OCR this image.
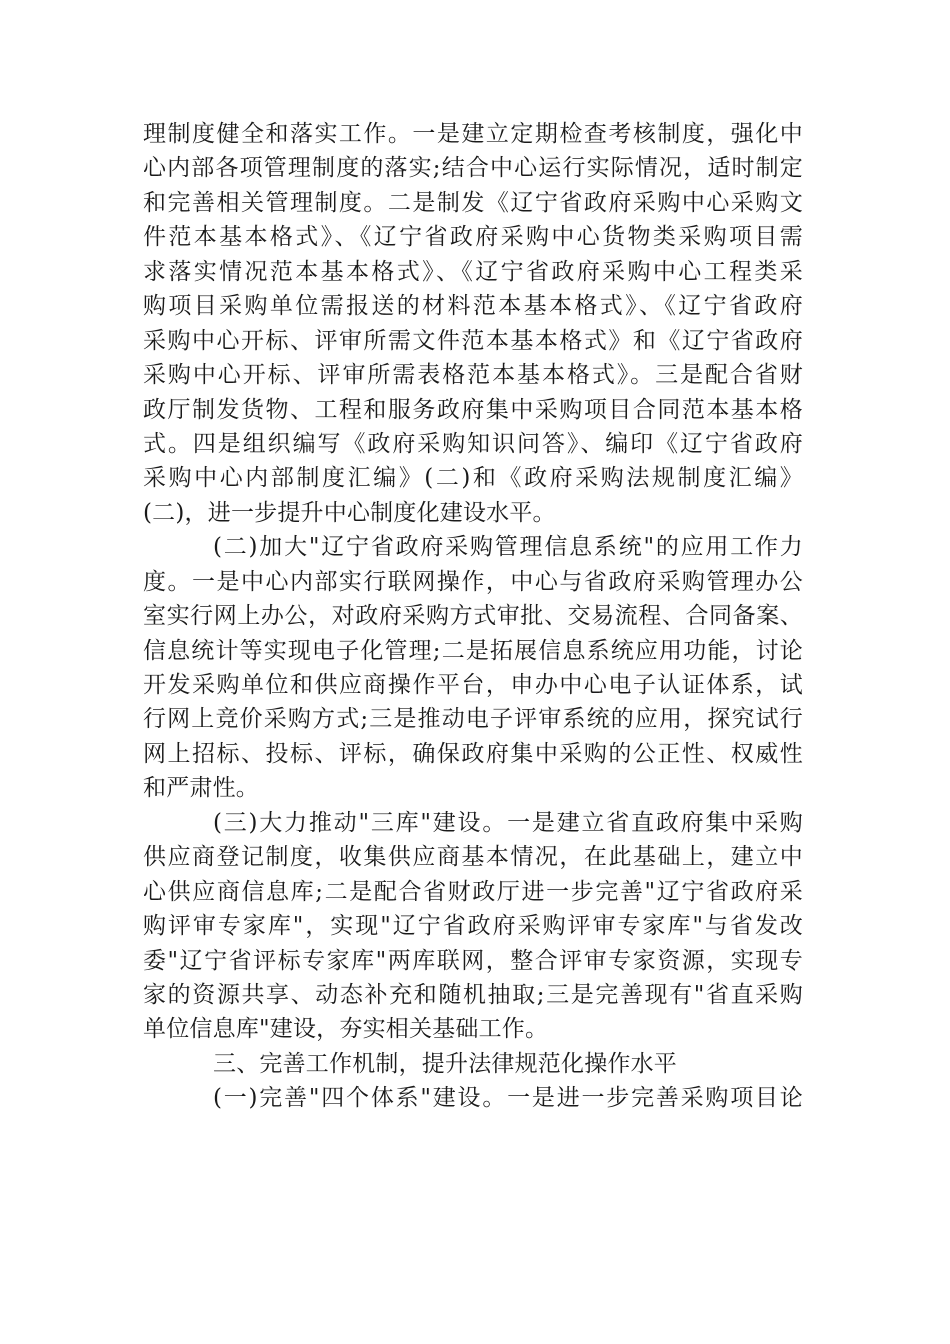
理制度健全和落实工作。一是建立定期检查考核制度，强化中
心内部各项管理制度的落实;结合中心运行实际情况，适时制定
和完善相关管理制度。二是制发《辽宁省政府采购中心采购文
件范本基本格式》、《辽宁省政府采购中心货物类采购项目需
求落实情况范本基本格式》、《辽宁省政府采购中心工程类采
购项目采购单位需报送的材料范本基本格式》、《辽宁省政府
采购中心开标、评审所需文件范本基本格式》和《辽宁省政府
采购中心开标、评审所需表格范本基本格式》。三是配合省财
政厅制发货物、工程和服务政府集中采购项目合同范本基本格
式。四是组织编写《政府采购知识问答》、编印《辽宁省政府
采购中心内部制度汇编》(二)和《政府采购法规制度汇编》
(二)，进一步提升中心制度化建设水平。
(二)加大"辽宁省政府采购管理信息系统"的应用工作力
度。一是中心内部实行联网操作，中心与省政府采购管理办公
室实行网上办公，对政府采购方式审批、交易流程、合同备案、
信息统计等实现电子化管理;二是拓展信息系统应用功能，讨论
开发采购单位和供应商操作平台，申办中心电子认证体系，试
行网上竞价采购方式;三是推动电子评审系统的应用，探究试行
网上招标、投标、评标，确保政府集中采购的公正性、权威性
和严肃性。
(三)大力推动"三库"建设。一是建立省直政府集中采购
供应商登记制度，收集供应商基本情况，在此基础上，建立中
心供应商信息库;二是配合省财政厅进一步完善"辽宁省政府采
购评审专家库"，实现"辽宁省政府采购评审专家库"与省发改
委"辽宁省评标专家库"两库联网，整合评审专家资源，实现专
家的资源共享、动态补充和随机抽取;三是完善现有"省直采购
单位信息库"建设，夯实相关基础工作。
三、完善工作机制，提升法律规范化操作水平
(一)完善"四个体系"建设。一是进一步完善采购项目论
